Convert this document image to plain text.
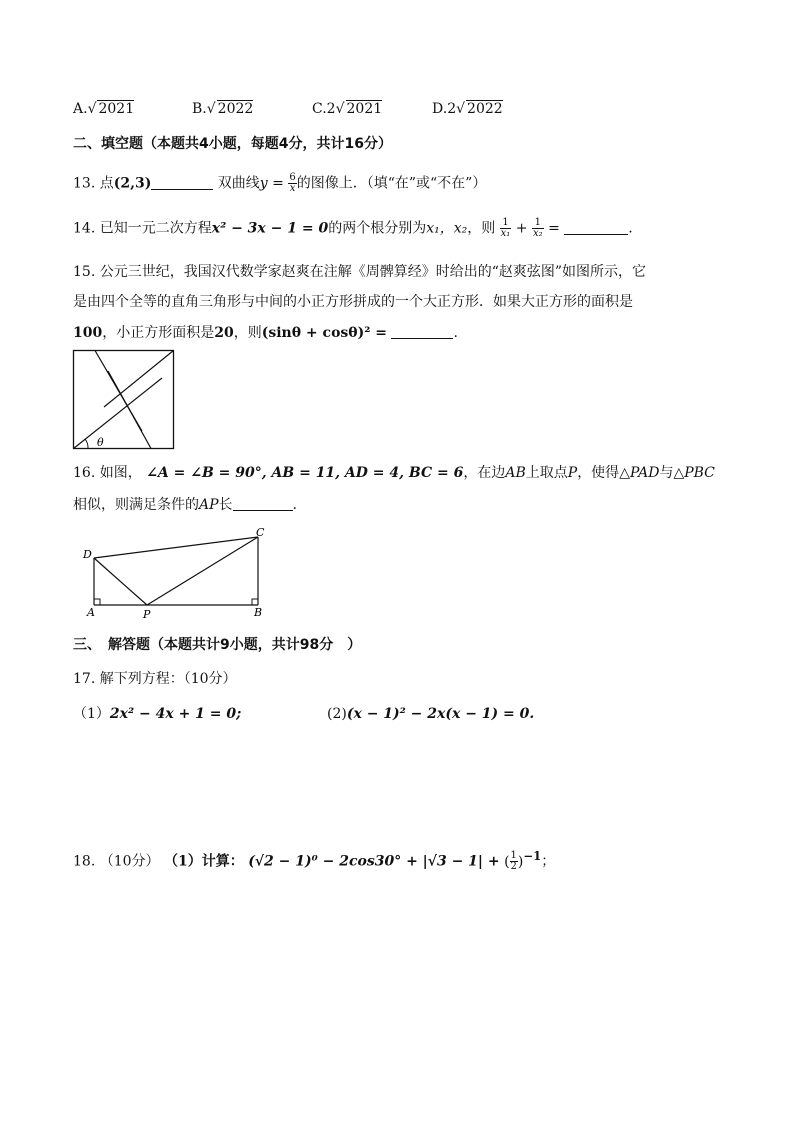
A.√ 2021	B.√ 2022	C.2√ 2021	D.2√ 2022
二、填空题（本题共4小题，每题4分，共计16分）
13. 点(2,3)	双曲线$y = \frac{6}{x}$ 的图像上．（填“在”或“不在”）
14. 已知一元二次方程x² − 3x − 1 = 0的两个根分别为x₁，x₂，则 $\frac{1}{\text{x₁}} + \frac{1}{\text{x₂}}$ =	.
15. 公元三世纪，我国汉代数学家赵爽在注解《周髀算经》时给出的“赵爽弦图”如图所示，它
是由四个全等的直角三角形与中间的小正方形拼成的一个大正方形．如果大正方形的面积是
100，小正方形面积是20，则(sinθ + cosθ)² =	.
θ
16. 如图， ∠A = ∠B = 90°, AB = 11, AD = 4, BC = 6，在边AB上取点P，使得△PAD与△PBC
相似，则满足条件的AP长	.
D
C
A	P	B
三、　解答题（本题共计9小题，共计98分　）
17. 解下列方程：（10分）
（1）2x² − 4x + 1 = 0;	(2)(x − 1)² − 2x(x − 1) = 0.
18. （10分） （1）计算： (√2 − 1)⁰ − 2cos30° + |√3 − 1| + ( $\frac{1}{2} )^{-1}$；
